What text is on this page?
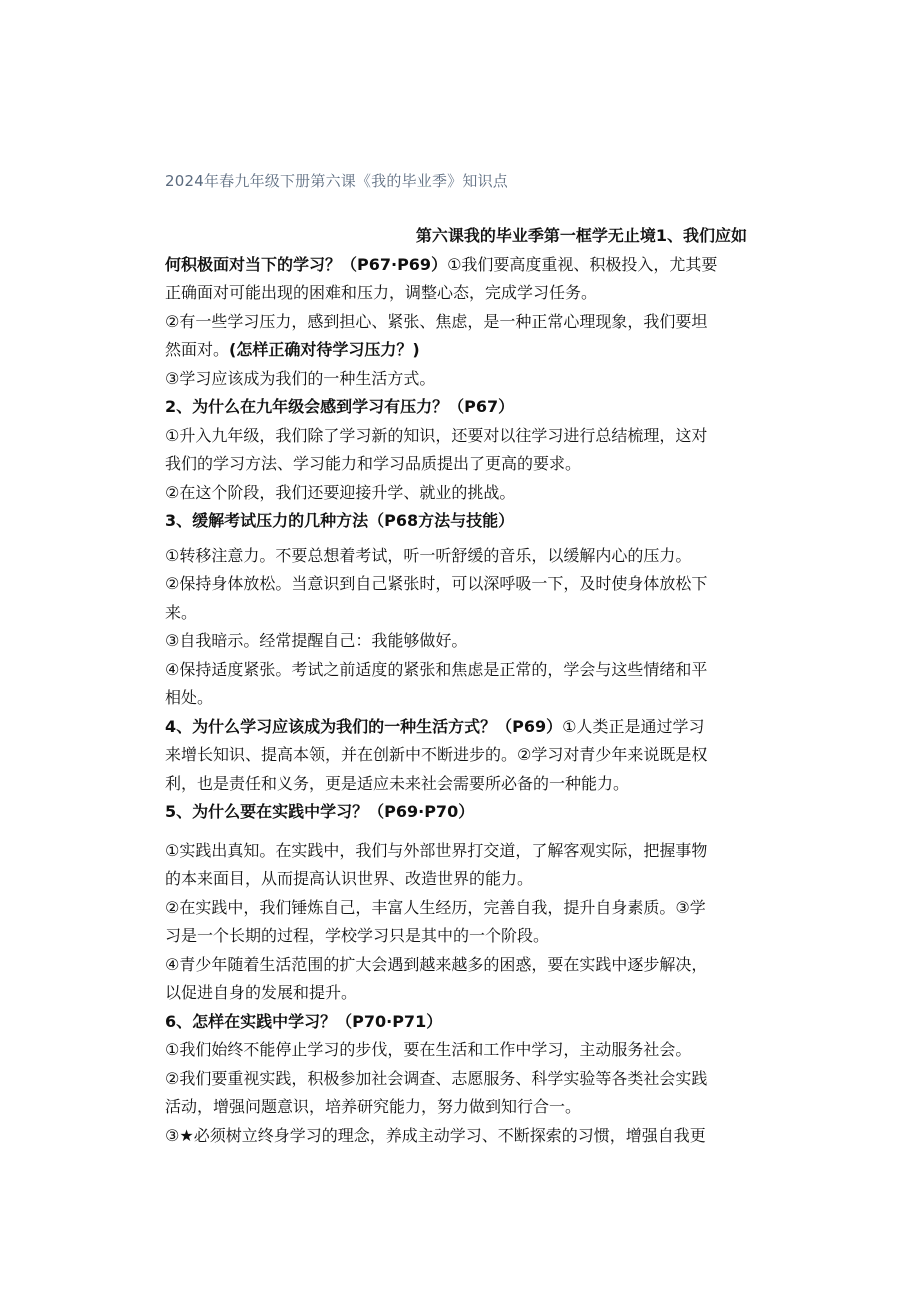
2024年春九年级下册第六课《我的毕业季》知识点
第六课我的毕业季第一框学无止境1、我们应如
何积极面对当下的学习？（P67·P69）①我们要高度重视、积极投入，尤其要
正确面对可能出现的困难和压力，调整心态，完成学习任务。
②有一些学习压力，感到担心、紧张、焦虑，是一种正常心理现象，我们要坦
然面对。(怎样正确对待学习压力？)
③学习应该成为我们的一种生活方式。
2、为什么在九年级会感到学习有压力？（P67）
①升入九年级，我们除了学习新的知识，还要对以往学习进行总结梳理，这对
我们的学习方法、学习能力和学习品质提出了更高的要求。
②在这个阶段，我们还要迎接升学、就业的挑战。
3、缓解考试压力的几种方法（P68方法与技能）
①转移注意力。不要总想着考试，听一听舒缓的音乐，以缓解内心的压力。
②保持身体放松。当意识到自己紧张时，可以深呼吸一下，及时使身体放松下
来。
③自我暗示。经常提醒自己：我能够做好。
④保持适度紧张。考试之前适度的紧张和焦虑是正常的，学会与这些情绪和平
相处。
4、为什么学习应该成为我们的一种生活方式？（P69）①人类正是通过学习
来增长知识、提高本领，并在创新中不断进步的。②学习对青少年来说既是权
利，也是责任和义务，更是适应未来社会需要所必备的一种能力。
5、为什么要在实践中学习？（P69·P70）
①实践出真知。在实践中，我们与外部世界打交道，了解客观实际，把握事物
的本来面目，从而提高认识世界、改造世界的能力。
②在实践中，我们锤炼自己，丰富人生经历，完善自我，提升自身素质。③学
习是一个长期的过程，学校学习只是其中的一个阶段。
④青少年随着生活范围的扩大会遇到越来越多的困惑，要在实践中逐步解决，
以促进自身的发展和提升。
6、怎样在实践中学习？（P70·P71）
①我们始终不能停止学习的步伐，要在生活和工作中学习，主动服务社会。
②我们要重视实践，积极参加社会调查、志愿服务、科学实验等各类社会实践
活动，增强问题意识，培养研究能力，努力做到知行合一。
③★必须树立终身学习的理念，养成主动学习、不断探索的习惯，增强自我更
